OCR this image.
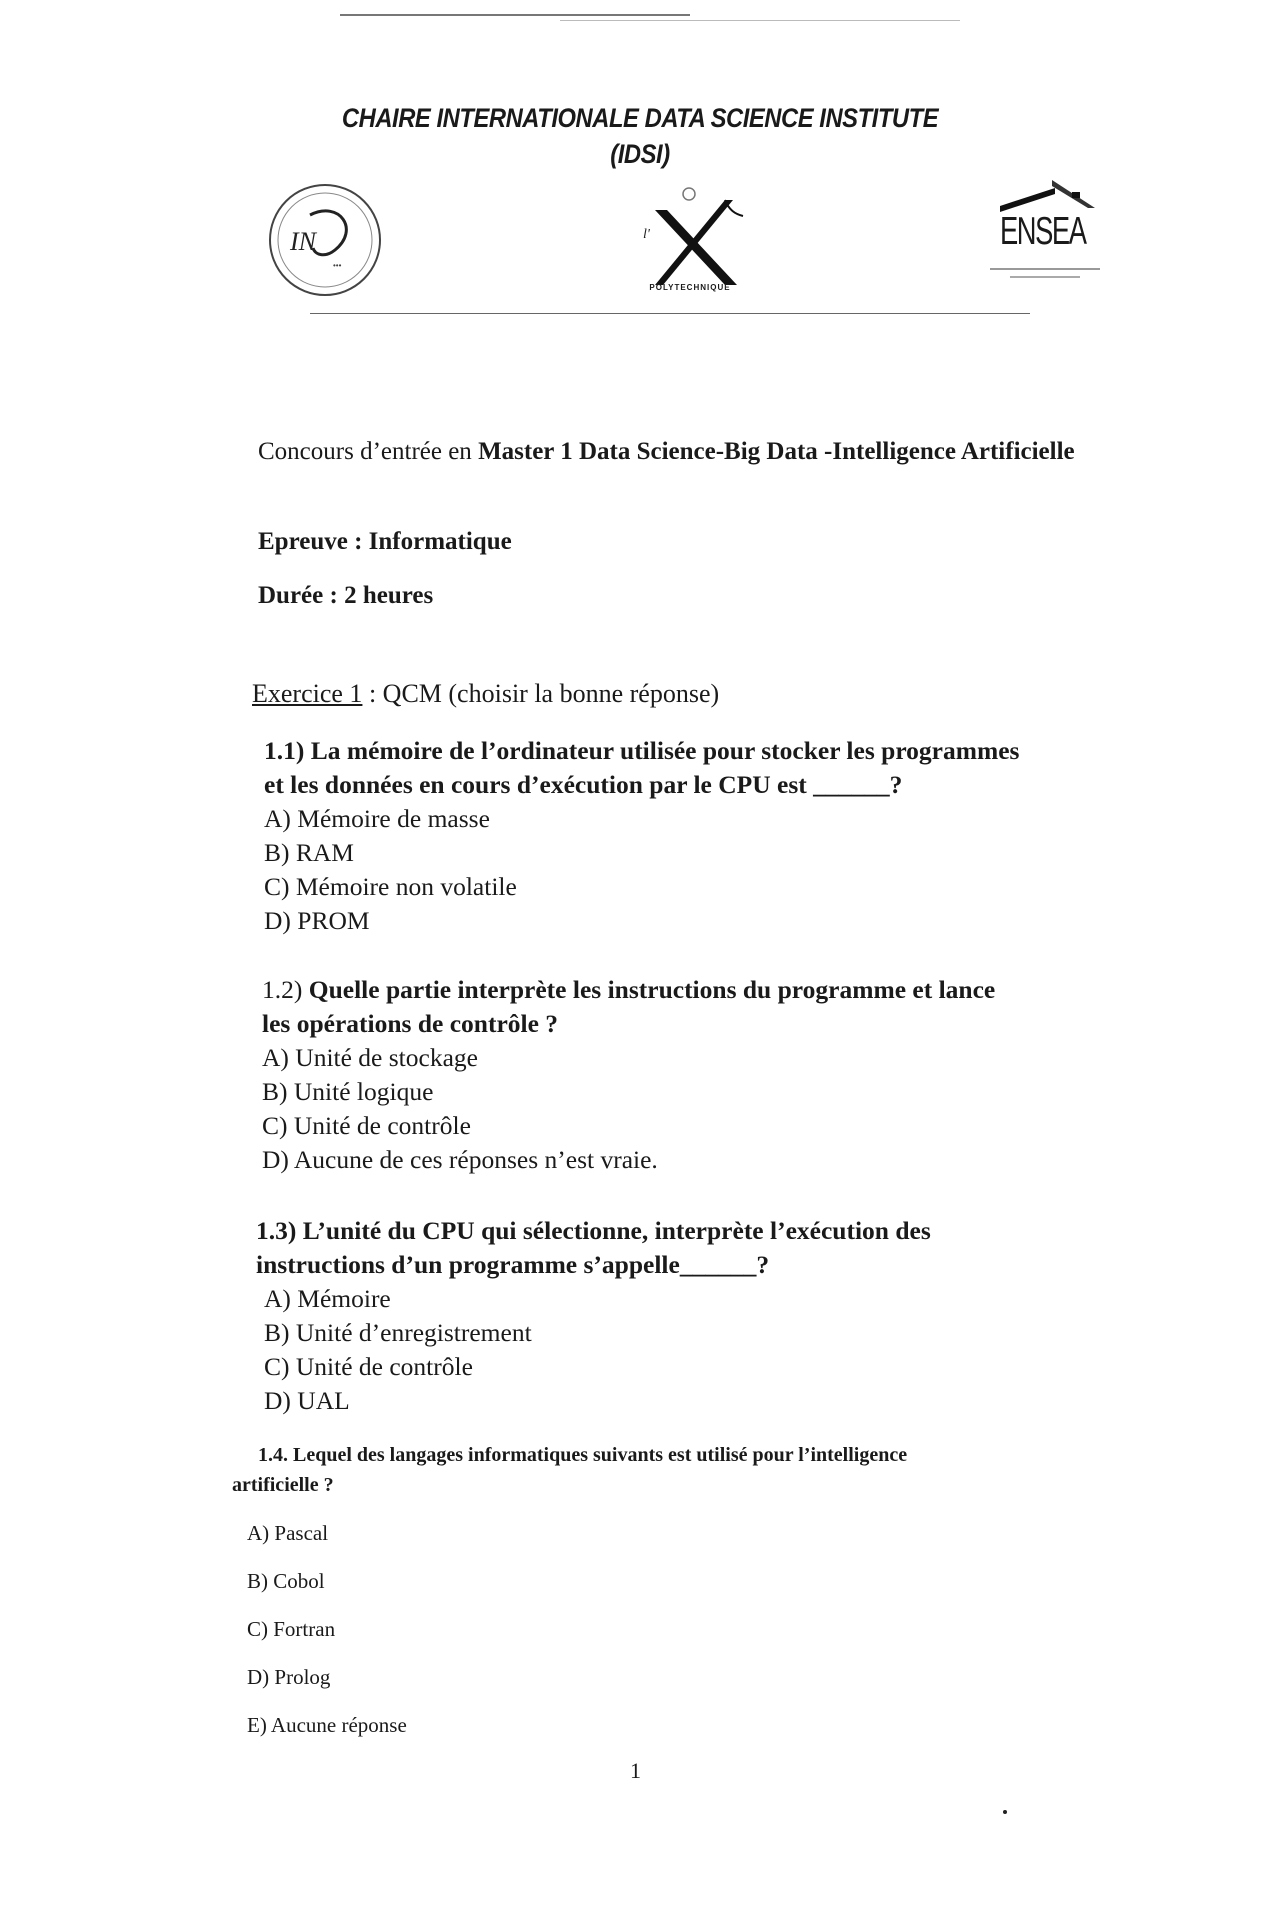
CHAIRE INTERNATIONALE DATA SCIENCE INSTITUTE
(IDSI)
IN
•••
l'
POLYTECHNIQUE
ENSEA
Concours d’entrée en Master 1 Data Science-Big Data -Intelligence Artificielle
Epreuve : Informatique
Durée : 2 heures
Exercice 1 : QCM (choisir la bonne réponse)
1.1) La mémoire de l’ordinateur utilisée pour stocker les programmes
et les données en cours d’exécution par le CPU est ______?
A) Mémoire de masse
B) RAM
C) Mémoire non volatile
D) PROM
1.2) Quelle partie interprète les instructions du programme et lance
les opérations de contrôle ?
A) Unité de stockage
B) Unité logique
C) Unité de contrôle
D) Aucune de ces réponses n’est vraie.
1.3) L’unité du CPU qui sélectionne, interprète l’exécution des
instructions d’un programme s’appelle______?
A) Mémoire
B) Unité d’enregistrement
C) Unité de contrôle
D) UAL
1.4. Lequel des langages informatiques suivants est utilisé pour l’intelligence
artificielle ?
A) Pascal
B) Cobol
C) Fortran
D) Prolog
E) Aucune réponse
1
